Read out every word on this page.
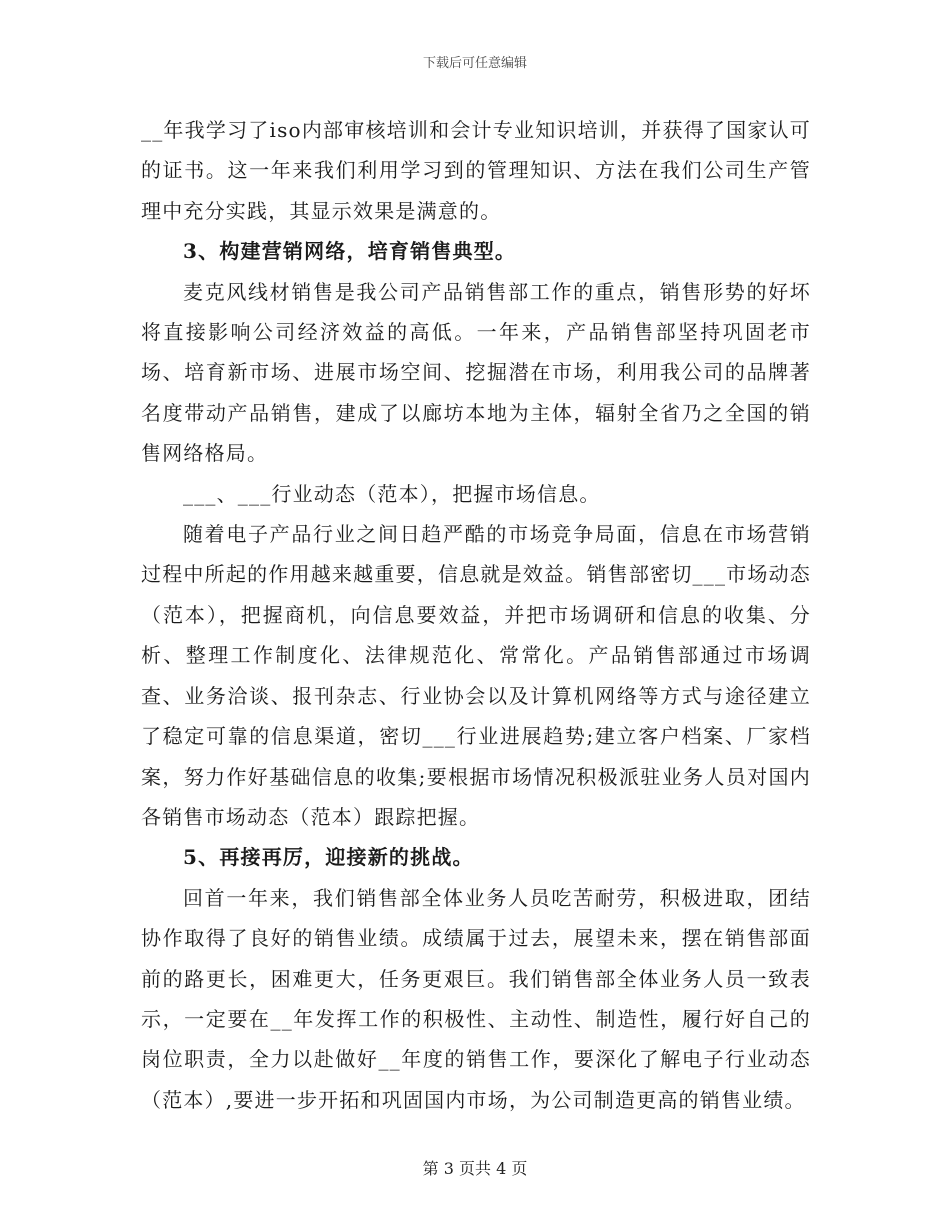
下载后可任意编辑

__年我学习了iso内部审核培训和会计专业知识培训，并获得了国家认可的证书。这一年来我们利用学习到的管理知识、方法在我们公司生产管理中充分实践，其显示效果是满意的。

3、构建营销网络，培育销售典型。

麦克风线材销售是我公司产品销售部工作的重点，销售形势的好坏将直接影响公司经济效益的高低。一年来，产品销售部坚持巩固老市场、培育新市场、进展市场空间、挖掘潜在市场，利用我公司的品牌著名度带动产品销售，建成了以廊坊本地为主体，辐射全省乃之全国的销售网络格局。

___、___行业动态（范本），把握市场信息。

随着电子产品行业之间日趋严酷的市场竞争局面，信息在市场营销过程中所起的作用越来越重要，信息就是效益。销售部密切___市场动态（范本），把握商机，向信息要效益，并把市场调研和信息的收集、分析、整理工作制度化、法律规范化、常常化。产品销售部通过市场调查、业务洽谈、报刊杂志、行业协会以及计算机网络等方式与途径建立了稳定可靠的信息渠道，密切___行业进展趋势;建立客户档案、厂家档案，努力作好基础信息的收集;要根据市场情况积极派驻业务人员对国内各销售市场动态（范本）跟踪把握。

5、再接再厉，迎接新的挑战。

回首一年来，我们销售部全体业务人员吃苦耐劳，积极进取，团结协作取得了良好的销售业绩。成绩属于过去，展望未来，摆在销售部面前的路更长，困难更大，任务更艰巨。我们销售部全体业务人员一致表示，一定要在__年发挥工作的积极性、主动性、制造性，履行好自己的岗位职责，全力以赴做好__年度的销售工作，要深化了解电子行业动态（范本）,要进一步开拓和巩固国内市场，为公司制造更高的销售业绩。

第 3 页共 4 页
